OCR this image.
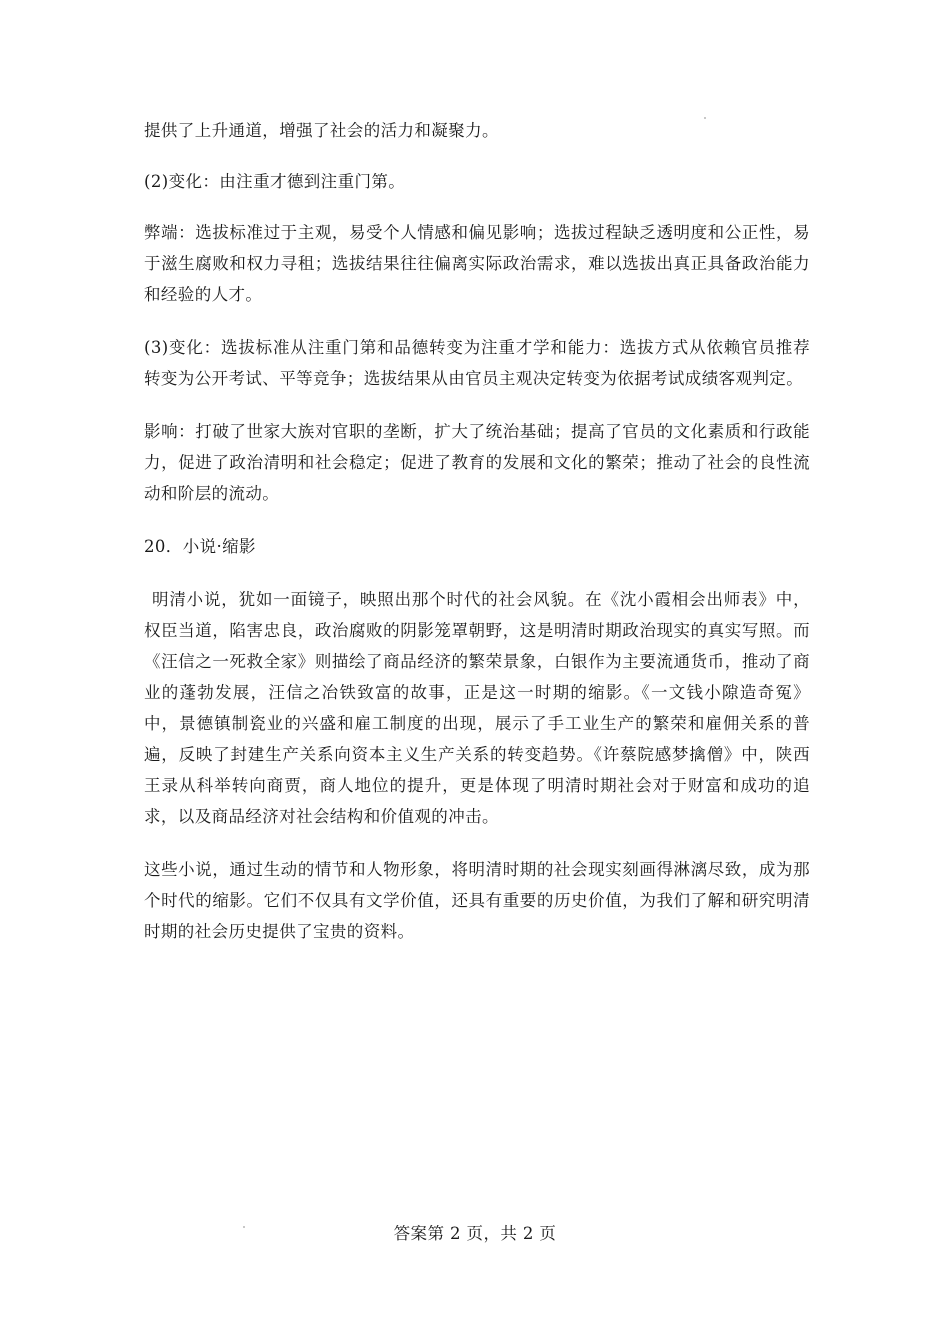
提供了上升通道，增强了社会的活力和凝聚力。

(2)变化：由注重才德到注重门第。

弊端：选拔标准过于主观，易受个人情感和偏见影响；选拔过程缺乏透明度和公正性，易于滋生腐败和权力寻租；选拔结果往往偏离实际政治需求，难以选拔出真正具备政治能力和经验的人才。

(3)变化：选拔标准从注重门第和品德转变为注重才学和能力：选拔方式从依赖官员推荐转变为公开考试、平等竞争；选拔结果从由官员主观决定转变为依据考试成绩客观判定。

影响：打破了世家大族对官职的垄断，扩大了统治基础；提高了官员的文化素质和行政能力，促进了政治清明和社会稳定；促进了教育的发展和文化的繁荣；推动了社会的良性流动和阶层的流动。

20．小说·缩影

明清小说，犹如一面镜子，映照出那个时代的社会风貌。在《沈小霞相会出师表》中，权臣当道，陷害忠良，政治腐败的阴影笼罩朝野，这是明清时期政治现实的真实写照。而《汪信之一死救全家》则描绘了商品经济的繁荣景象，白银作为主要流通货币，推动了商业的蓬勃发展，汪信之冶铁致富的故事，正是这一时期的缩影。《一文钱小隙造奇冤》中，景德镇制瓷业的兴盛和雇工制度的出现，展示了手工业生产的繁荣和雇佣关系的普遍，反映了封建生产关系向资本主义生产关系的转变趋势。《许蔡院感梦擒僧》中，陕西王录从科举转向商贾，商人地位的提升，更是体现了明清时期社会对于财富和成功的追求，以及商品经济对社会结构和价值观的冲击。

这些小说，通过生动的情节和人物形象，将明清时期的社会现实刻画得淋漓尽致，成为那个时代的缩影。它们不仅具有文学价值，还具有重要的历史价值，为我们了解和研究明清时期的社会历史提供了宝贵的资料。

答案第 2 页，共 2 页
